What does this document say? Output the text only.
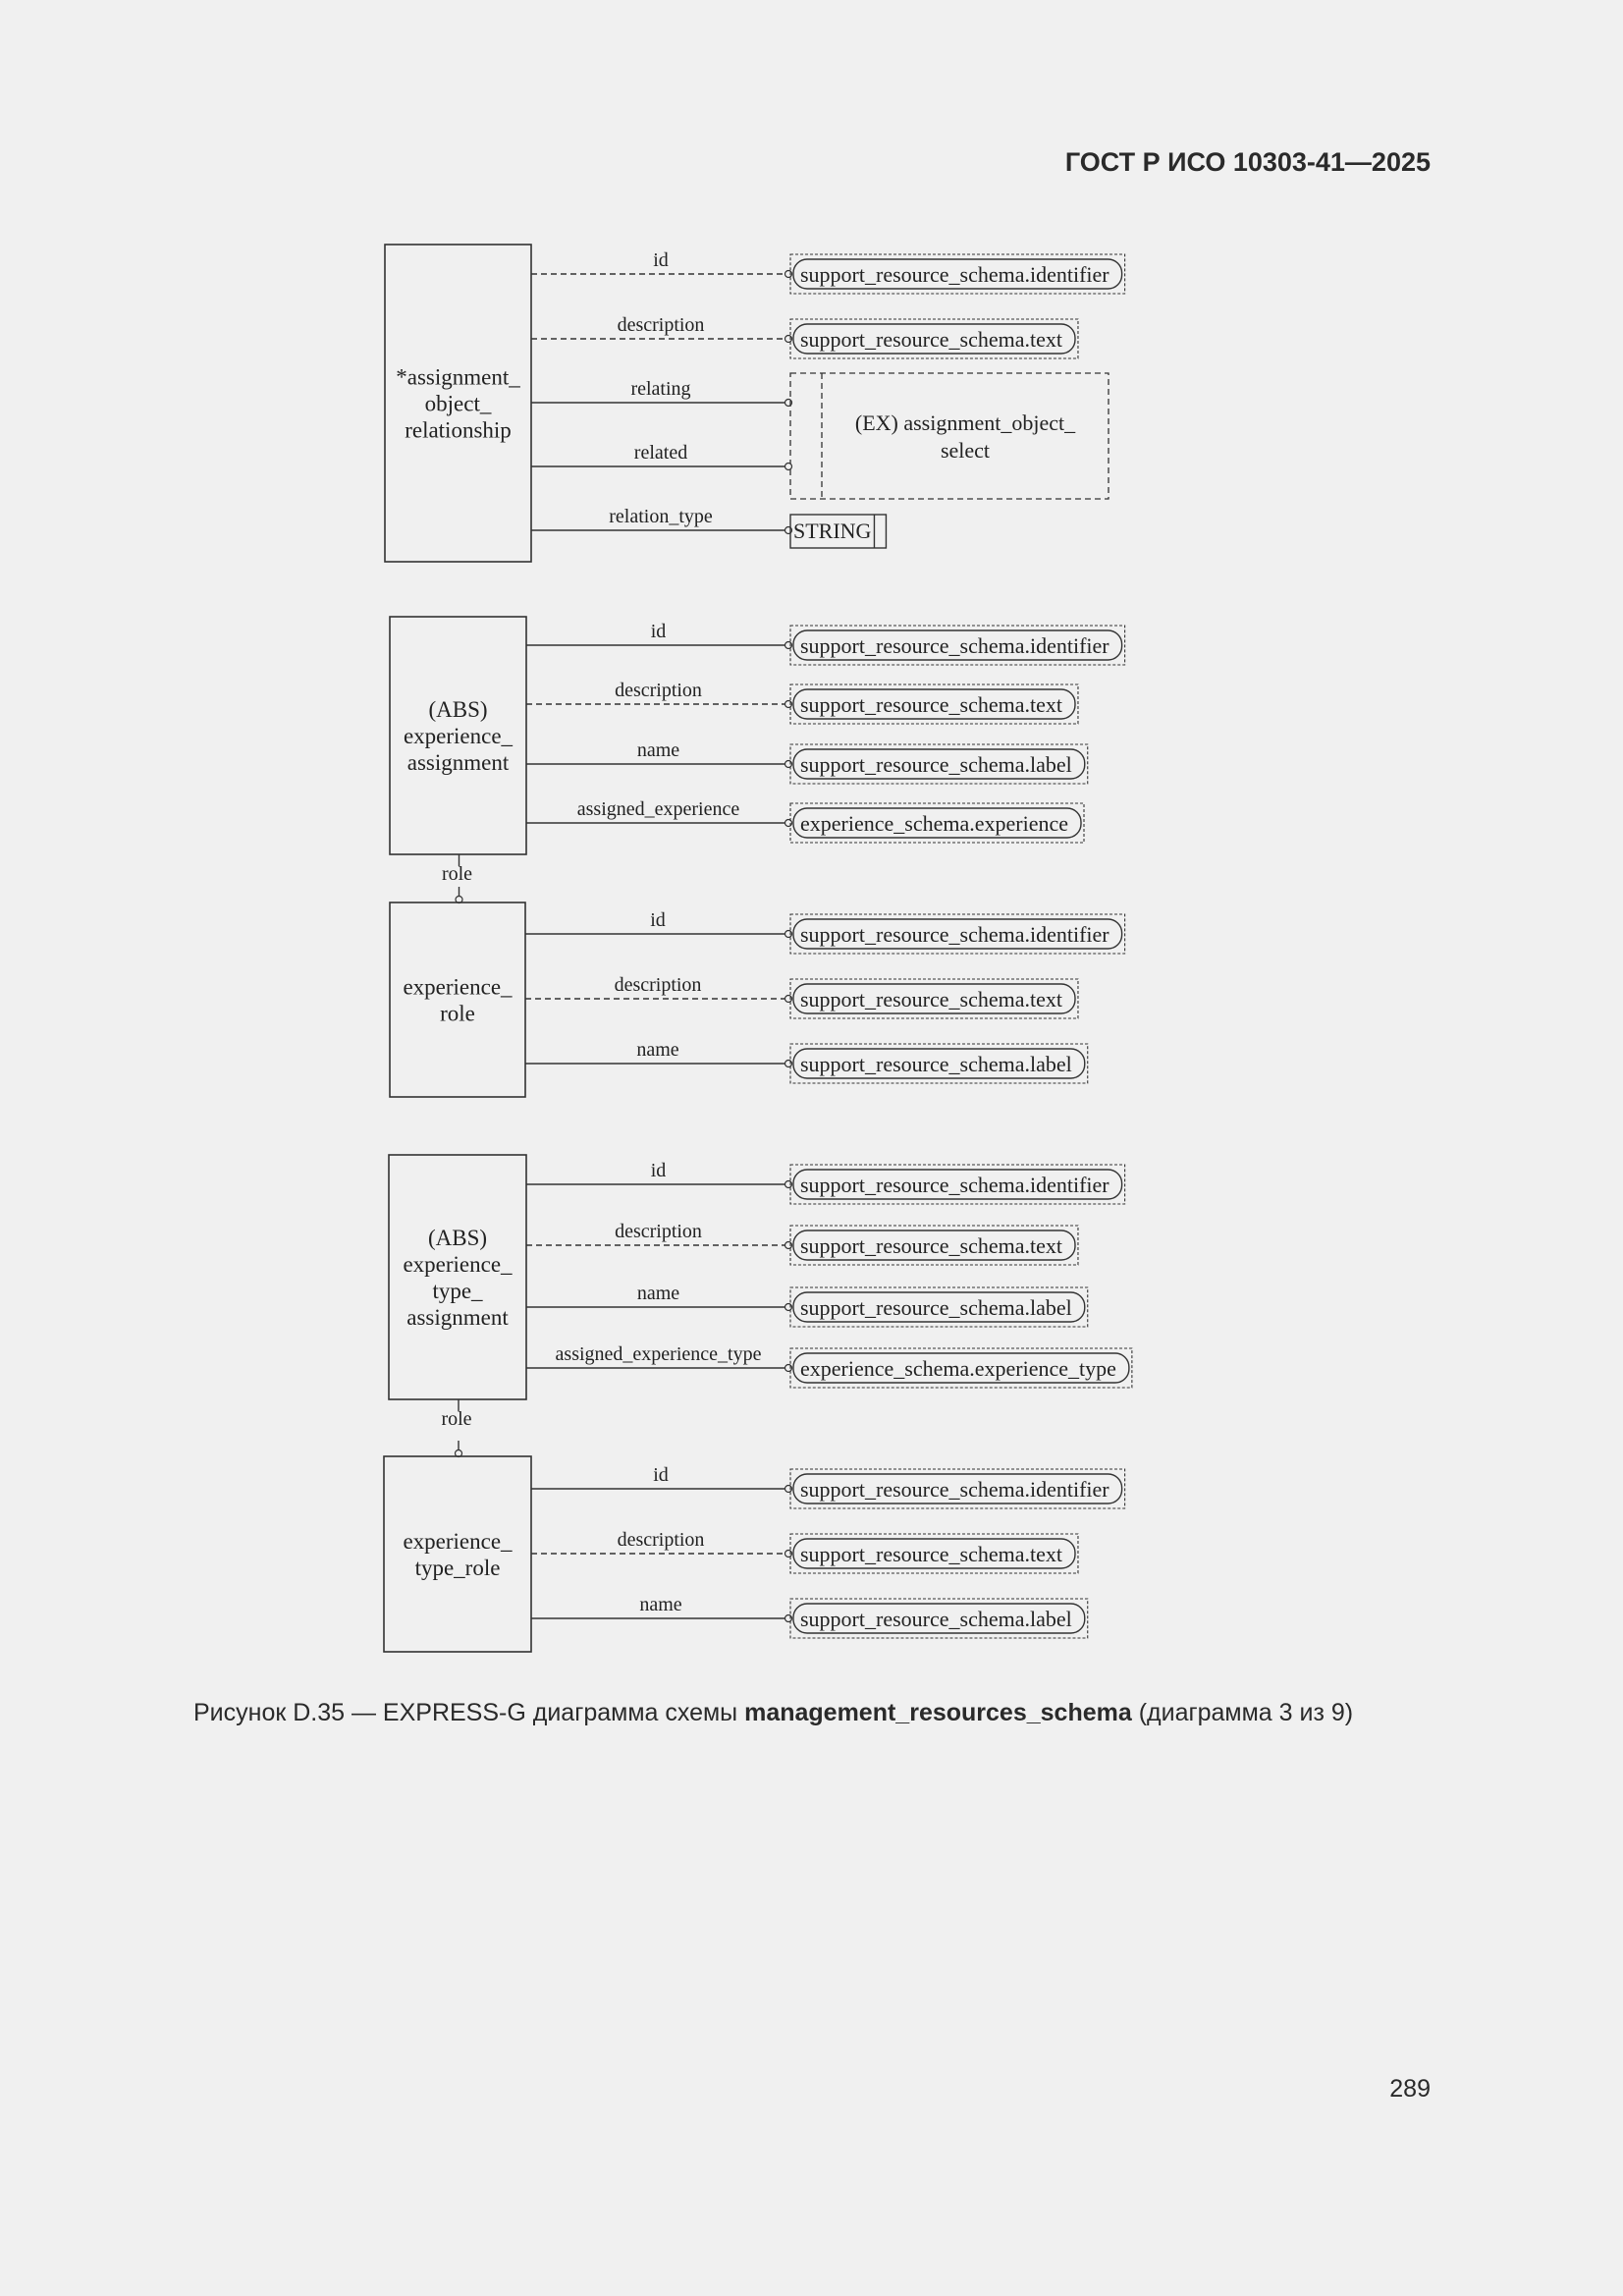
ГОСТ Р ИСО 10303-41—2025
*assignment_
object_
relationship
id
support_resource_schema.identifier
description
support_resource_schema.text
relating
(EX) assignment_object_
select
related
relation_type
STRING
(ABS)
experience_
assignment
id
support_resource_schema.identifier
description
support_resource_schema.text
name
support_resource_schema.label
assigned_experience
experience_schema.experience
role
experience_
role
id
support_resource_schema.identifier
description
support_resource_schema.text
name
support_resource_schema.label
(ABS)
experience_
type_
assignment
id
support_resource_schema.identifier
description
support_resource_schema.text
name
support_resource_schema.label
assigned_experience_type
experience_schema.experience_type
role
experience_
type_role
id
support_resource_schema.identifier
description
support_resource_schema.text
name
support_resource_schema.label
Рисунок D.35 — EXPRESS-G диаграмма схемы management_resources_schema (диаграмма 3 из 9)
289
